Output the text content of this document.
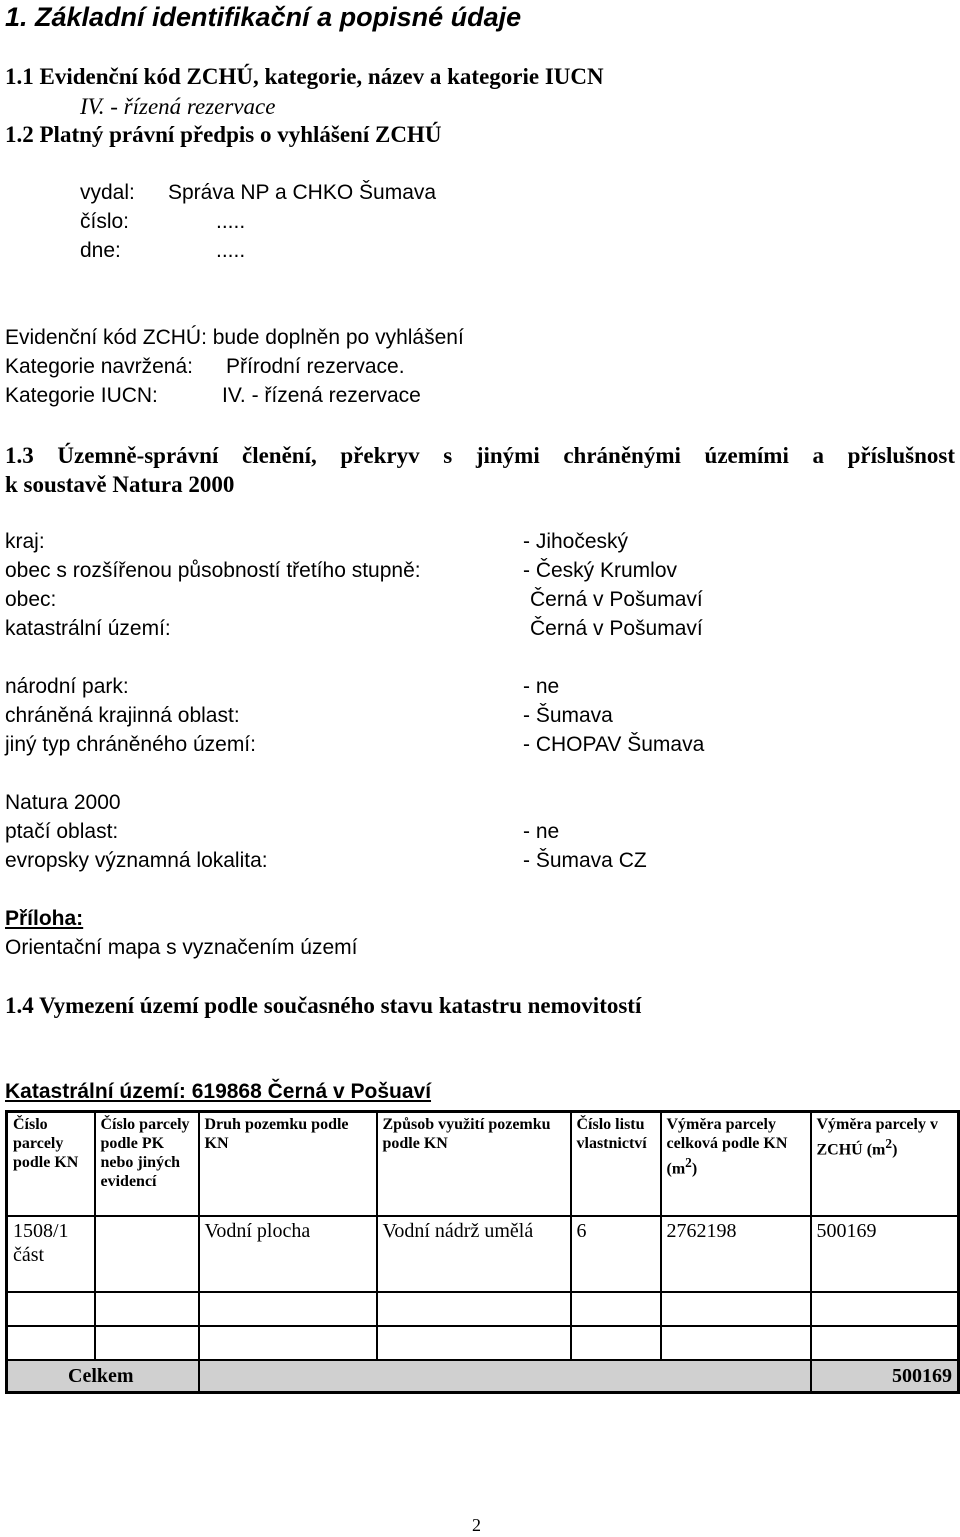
1. Základní identifikační a popisné údaje
1.1 Evidenční kód ZCHÚ, kategorie, název a kategorie IUCN
IV. - řízená rezervace
1.2 Platný právní předpis o vyhlášení ZCHÚ
vydal: Správa NP a CHKO Šumava
číslo:	.....
dne:	.....
Evidenční kód ZCHÚ: bude doplněn po vyhlášení
Kategorie navržená: Přírodní rezervace.
Kategorie IUCN:	IV. - řízená rezervace
1.3 Územně-správní členění, překryv s jinými chráněnými územími a příslušnost
k soustavě Natura 2000
kraj:	- Jihočeský
obec s rozšířenou působností třetího stupně:	- Český Krumlov
obec:	Černá v Pošumaví
katastrální území:	Černá v Pošumaví
národní park:	- ne
chráněná krajinná oblast:	- Šumava
jiný typ chráněného území:	- CHOPAV Šumava
Natura 2000
ptačí oblast:	- ne
evropsky významná lokalita:	- Šumava CZ
Příloha:
Orientační mapa s vyznačením území
1.4 Vymezení území podle současného stavu katastru nemovitostí
Katastrální území: 619868 Černá v Pošuaví
Číslo parcely podle KN	Číslo parcely podle PK nebo jiných evidencí	Druh pozemku podle KN	Způsob využití pozemku podle KN	Číslo listu vlastnictví	Výměra parcely celková podle KN $(m^2)$	Výměra parcely v ZCHÚ $(m^2)$
1508/1 část		Vodní plocha	Vodní nádrž umělá	6	2762198	500169

Celkem						500169
2
